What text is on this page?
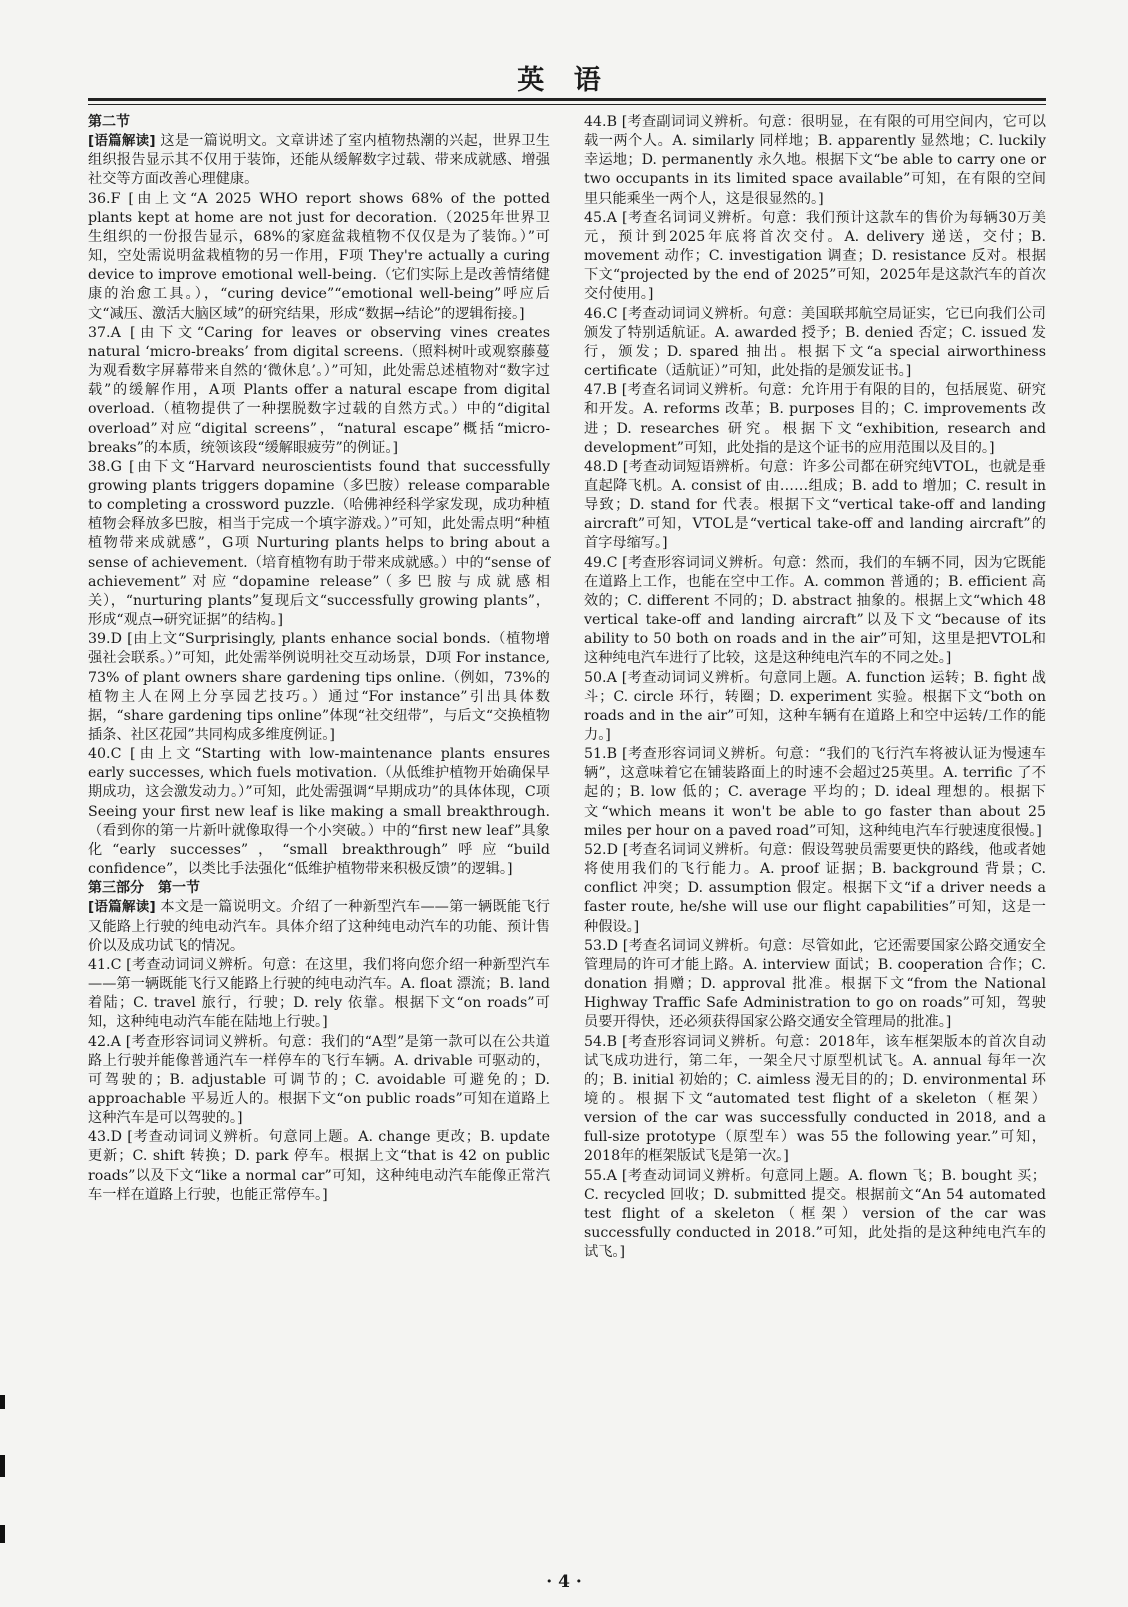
英 语
第二节

[语篇解读] 这是一篇说明文。文章讲述了室内植物热潮的兴起，世界卫生组织报告显示其不仅用于装饰，还能从缓解数字过载、带来成就感、增强社交等方面改善心理健康。

36.F [由上文“A 2025 WHO report shows 68% of the potted plants kept at home are not just for decoration.（2025年世界卫生组织的一份报告显示，68%的家庭盆栽植物不仅仅是为了装饰。）”可知，空处需说明盆栽植物的另一作用，F项 They're actually a curing device to improve emotional well-being.（它们实际上是改善情绪健康的治愈工具。），“curing device”“emotional well-being”呼应后文“减压、激活大脑区域”的研究结果，形成“数据→结论”的逻辑衔接。]

37.A [由下文“Caring for leaves or observing vines creates natural ‘micro-breaks’ from digital screens.（照料树叶或观察藤蔓为观看数字屏幕带来自然的‘微休息’。）”可知，此处需总述植物对“数字过载”的缓解作用，A项 Plants offer a natural escape from digital overload.（植物提供了一种摆脱数字过载的自然方式。）中的“digital overload”对应“digital screens”，“natural escape”概括“micro-breaks”的本质，统领该段“缓解眼疲劳”的例证。]

38.G [由下文“Harvard neuroscientists found that successfully growing plants triggers dopamine（多巴胺）release comparable to completing a crossword puzzle.（哈佛神经科学家发现，成功种植植物会释放多巴胺，相当于完成一个填字游戏。）”可知，此处需点明“种植植物带来成就感”，G项 Nurturing plants helps to bring about a sense of achievement.（培育植物有助于带来成就感。）中的“sense of achievement”对应“dopamine release”（多巴胺与成就感相关），“nurturing plants”复现后文“successfully growing plants”，形成“观点→研究证据”的结构。]

39.D [由上文“Surprisingly, plants enhance social bonds.（植物增强社会联系。）”可知，此处需举例说明社交互动场景，D项 For instance, 73% of plant owners share gardening tips online.（例如，73%的植物主人在网上分享园艺技巧。）通过“For instance”引出具体数据，“share gardening tips online”体现“社交纽带”，与后文“交换植物插条、社区花园”共同构成多维度例证。]

40.C [由上文“Starting with low-maintenance plants ensures early successes, which fuels motivation.（从低维护植物开始确保早期成功，这会激发动力。）”可知，此处需强调“早期成功”的具体体现，C项 Seeing your first new leaf is like making a small breakthrough.（看到你的第一片新叶就像取得一个小突破。）中的“first new leaf”具象化“early successes”，“small breakthrough”呼应“build confidence”，以类比手法强化“低维护植物带来积极反馈”的逻辑。]

第三部分　第一节

[语篇解读] 本文是一篇说明文。介绍了一种新型汽车——第一辆既能飞行又能路上行驶的纯电动汽车。具体介绍了这种纯电动汽车的功能、预计售价以及成功试飞的情况。

41.C [考查动词词义辨析。句意：在这里，我们将向您介绍一种新型汽车——第一辆既能飞行又能路上行驶的纯电动汽车。A. float 漂流；B. land 着陆；C. travel 旅行，行驶；D. rely 依靠。根据下文“on roads”可知，这种纯电动汽车能在陆地上行驶。]

42.A [考查形容词词义辨析。句意：我们的“A型”是第一款可以在公共道路上行驶并能像普通汽车一样停车的飞行车辆。A. drivable 可驱动的，可驾驶的；B. adjustable 可调节的；C. avoidable 可避免的；D. approachable 平易近人的。根据下文“on public roads”可知在道路上这种汽车是可以驾驶的。]

43.D [考查动词词义辨析。句意同上题。A. change 更改；B. update 更新；C. shift 转换；D. park 停车。根据上文“that is 42 on public roads”以及下文“like a normal car”可知，这种纯电动汽车能像正常汽车一样在道路上行驶，也能正常停车。]

44.B [考查副词词义辨析。句意：很明显，在有限的可用空间内，它可以载一两个人。A. similarly 同样地；B. apparently 显然地；C. luckily 幸运地；D. permanently 永久地。根据下文“be able to carry one or two occupants in its limited space available”可知，在有限的空间里只能乘坐一两个人，这是很显然的。]

45.A [考查名词词义辨析。句意：我们预计这款车的售价为每辆30万美元，预计到2025年底将首次交付。A. delivery 递送，交付；B. movement 动作；C. investigation 调查；D. resistance 反对。根据下文“projected by the end of 2025”可知，2025年是这款汽车的首次交付使用。]

46.C [考查动词词义辨析。句意：美国联邦航空局证实，它已向我们公司颁发了特别适航证。A. awarded 授予；B. denied 否定；C. issued 发行，颁发；D. spared 抽出。根据下文“a special airworthiness certificate（适航证）”可知，此处指的是颁发证书。]

47.B [考查名词词义辨析。句意：允许用于有限的目的，包括展览、研究和开发。A. reforms 改革；B. purposes 目的；C. improvements 改进；D. researches 研究。根据下文“exhibition, research and development”可知，此处指的是这个证书的应用范围以及目的。]

48.D [考查动词短语辨析。句意：许多公司都在研究纯VTOL，也就是垂直起降飞机。A. consist of 由……组成；B. add to 增加；C. result in 导致；D. stand for 代表。根据下文“vertical take-off and landing aircraft”可知，VTOL是“vertical take-off and landing aircraft”的首字母缩写。]

49.C [考查形容词词义辨析。句意：然而，我们的车辆不同，因为它既能在道路上工作，也能在空中工作。A. common 普通的；B. efficient 高效的；C. different 不同的；D. abstract 抽象的。根据上文“which 48 vertical take-off and landing aircraft”以及下文“because of its ability to 50 both on roads and in the air”可知，这里是把VTOL和这种纯电汽车进行了比较，这是这种纯电汽车的不同之处。]

50.A [考查动词词义辨析。句意同上题。A. function 运转；B. fight 战斗；C. circle 环行，转圈；D. experiment 实验。根据下文“both on roads and in the air”可知，这种车辆有在道路上和空中运转/工作的能力。]

51.B [考查形容词词义辨析。句意：“我们的飞行汽车将被认证为慢速车辆”，这意味着它在铺装路面上的时速不会超过25英里。A. terrific 了不起的；B. low 低的；C. average 平均的；D. ideal 理想的。根据下文“which means it won't be able to go faster than about 25 miles per hour on a paved road”可知，这种纯电汽车行驶速度很慢。]

52.D [考查名词词义辨析。句意：假设驾驶员需要更快的路线，他或者她将使用我们的飞行能力。A. proof 证据；B. background 背景；C. conflict 冲突；D. assumption 假定。根据下文“if a driver needs a faster route, he/she will use our flight capabilities”可知，这是一种假设。]

53.D [考查名词词义辨析。句意：尽管如此，它还需要国家公路交通安全管理局的许可才能上路。A. interview 面试；B. cooperation 合作；C. donation 捐赠；D. approval 批准。根据下文“from the National Highway Traffic Safe Administration to go on roads”可知，驾驶员要开得快，还必须获得国家公路交通安全管理局的批准。]

54.B [考查形容词词义辨析。句意：2018年，该车框架版本的首次自动试飞成功进行，第二年，一架全尺寸原型机试飞。A. annual 每年一次的；B. initial 初始的；C. aimless 漫无目的的；D. environmental 环境的。根据下文“automated test flight of a skeleton（框架）version of the car was successfully conducted in 2018, and a full-size prototype（原型车）was 55 the following year.”可知，2018年的框架版试飞是第一次。]

55.A [考查动词词义辨析。句意同上题。A. flown 飞；B. bought 买；C. recycled 回收；D. submitted 提交。根据前文“An 54 automated test flight of a skeleton（框架）version of the car was successfully conducted in 2018.”可知，此处指的是这种纯电汽车的试飞。]

· 4 ·
